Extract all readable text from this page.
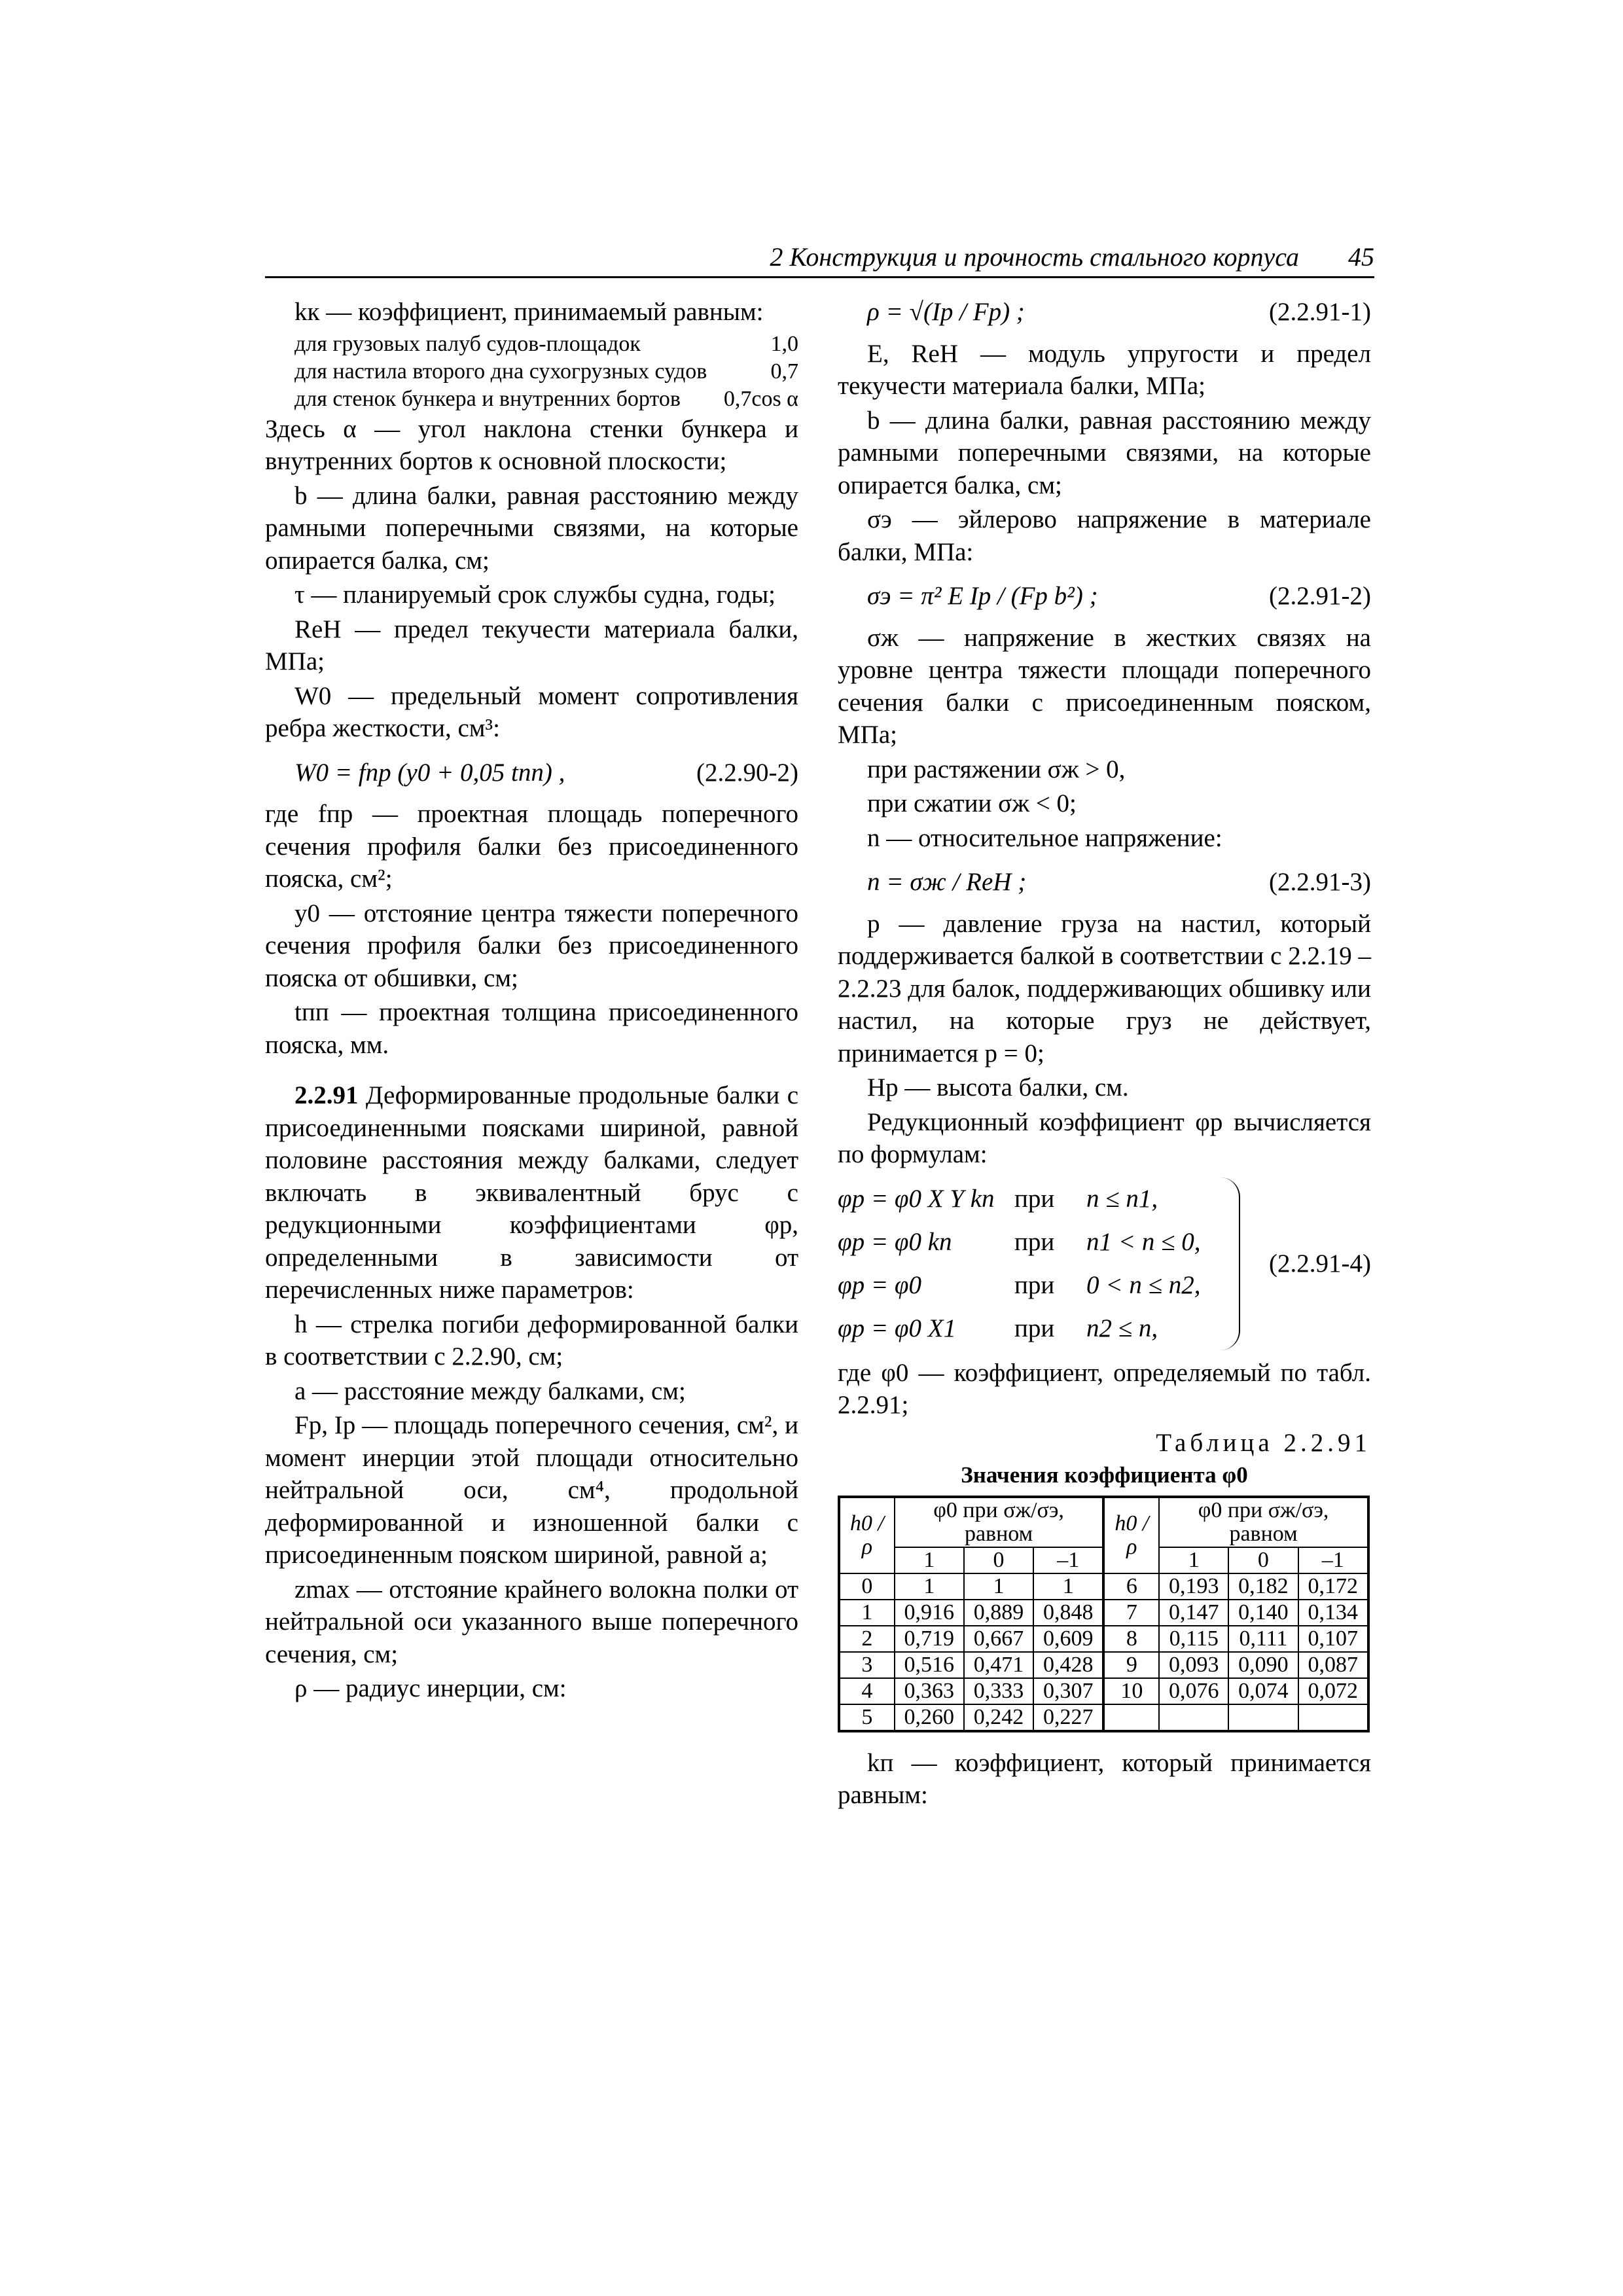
2 Конструкция и прочность стального корпуса 45

kк — коэффициент, принимаемый равным:

для грузовых палуб судов-площадок	1,0
для настила второго дна сухогрузных судов	0,7
для стенок бункера и внутренних бортов	0,7cos α

Здесь α — угол наклона стенки бункера и внутренних бортов к основной плоскости;

b — длина балки, равная расстоянию между рамными поперечными связями, на которые опирается балка, см;

τ — планируемый срок службы судна, годы;

ReH — предел текучести материала балки, МПа;

W0 — предельный момент сопротивления ребра жесткости, см³:

W0 = fпр (y0 + 0,05 tпп) ,	(2.2.90-2)

где fпр — проектная площадь поперечного сечения профиля балки без присоединенного пояска, см²;

y0 — отстояние центра тяжести поперечного сечения профиля балки без присоединенного пояска от обшивки, см;

tпп — проектная толщина присоединенного пояска, мм.

2.2.91 Деформированные продольные балки с присоединенными поясками шириной, равной половине расстояния между балками, следует включать в эквивалентный брус с редукционными коэффициентами φр, определенными в зависимости от перечисленных ниже параметров:

h — стрелка погиби деформированной балки в соответствии с 2.2.90, см;

a — расстояние между балками, см;

Fр, Iр — площадь поперечного сечения, см², и момент инерции этой площади относительно нейтральной оси, см⁴, продольной деформированной и изношенной балки с присоединенным пояском шириной, равной a;

zmax — отстояние крайнего волокна полки от нейтральной оси указанного выше поперечного сечения, см;

ρ — радиус инерции, см:

ρ = √(Iр / Fр) ;	(2.2.91-1)

E, ReH — модуль упругости и предел текучести материала балки, МПа;

b — длина балки, равная расстоянию между рамными поперечными связями, на которые опирается балка, см;

σэ — эйлерово напряжение в материале балки, МПа:

σэ = π² E Iр / (Fр b²) ;	(2.2.91-2)

σж — напряжение в жестких связях на уровне центра тяжести площади поперечного сечения балки с присоединенным пояском, МПа;

при растяжении σж > 0,

при сжатии σж < 0;

n — относительное напряжение:

n = σж / ReH ;	(2.2.91-3)

p — давление груза на настил, который поддерживается балкой в соответствии с 2.2.19 – 2.2.23 для балок, поддерживающих обшивку или настил, на которые груз не действует, принимается p = 0;

Hр — высота балки, см.

Редукционный коэффициент φр вычисляется по формулам:

φр = φ0 X Y kп при	n ≤ n1,
φр = φ0 kп	при	n1 < n ≤ 0,
φр = φ0	при	0 < n ≤ n2,
φр = φ0 X1	при	n2 ≤ n,
(2.2.91-4)

где φ0 — коэффициент, определяемый по табл. 2.2.91;

Таблица 2.2.91
Значения коэффициента φ0
h0 / ρ	φ0 при σж/σэ, равном			h0 / ρ	φ0 при σж/σэ, равном		
	1	0	–1		1	0	–1
0	1	1	1	6	0,193	0,182	0,172
1	0,916	0,889	0,848	7	0,147	0,140	0,134
2	0,719	0,667	0,609	8	0,115	0,111	0,107
3	0,516	0,471	0,428	9	0,093	0,090	0,087
4	0,363	0,333	0,307	10	0,076	0,074	0,072
5	0,260	0,242	0,227				

kп — коэффициент, который принимается равным:
